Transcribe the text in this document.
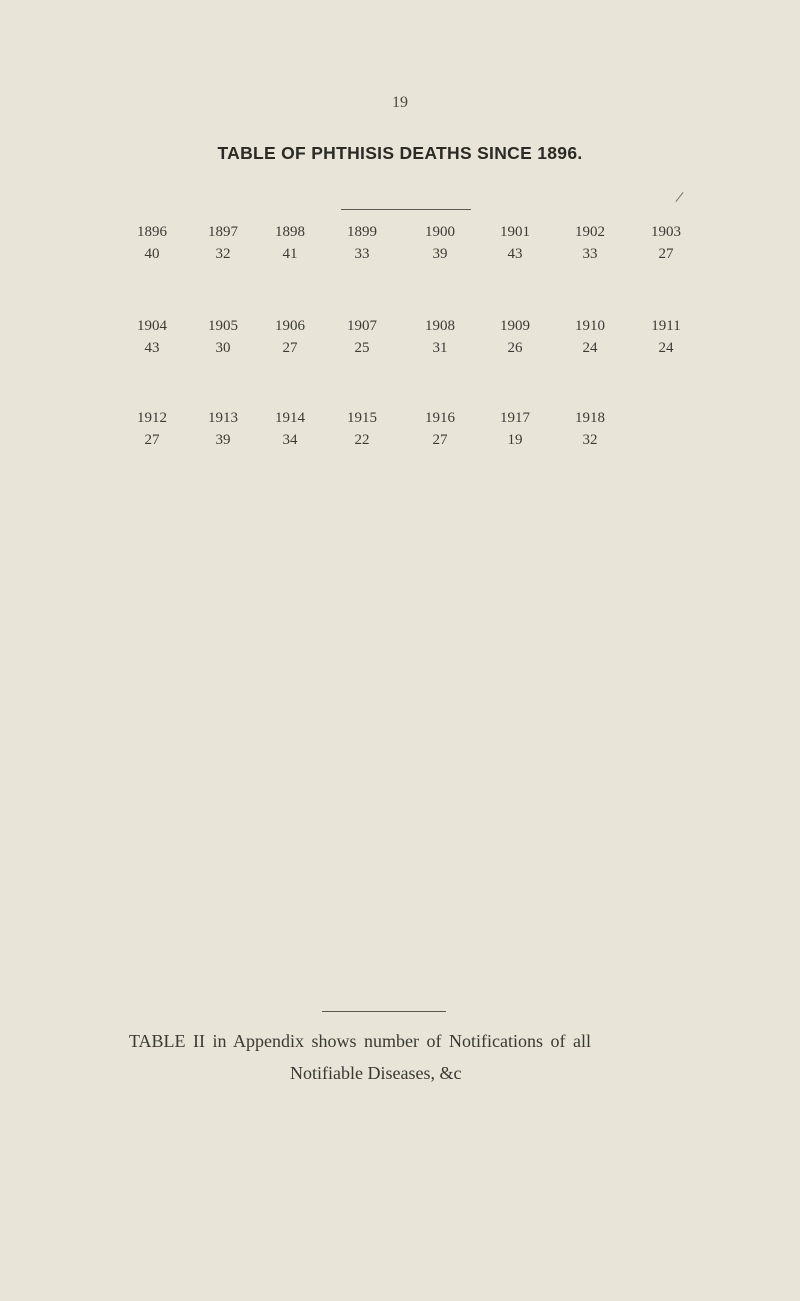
19
TABLE OF PHTHISIS DEATHS SINCE 1896.
1896
40
1897
32
1898
41
1899
33
1900
39
1901
43
1902
33
1903
27
1904
43
1905
30
1906
27
1907
25
1908
31
1909
26
1910
24
1911
24
1912
27
1913
39
1914
34
1915
22
1916
27
1917
19
1918
32
TABLE II in Appendix shows number of Notifications of all
Notifiable Diseases, &c
